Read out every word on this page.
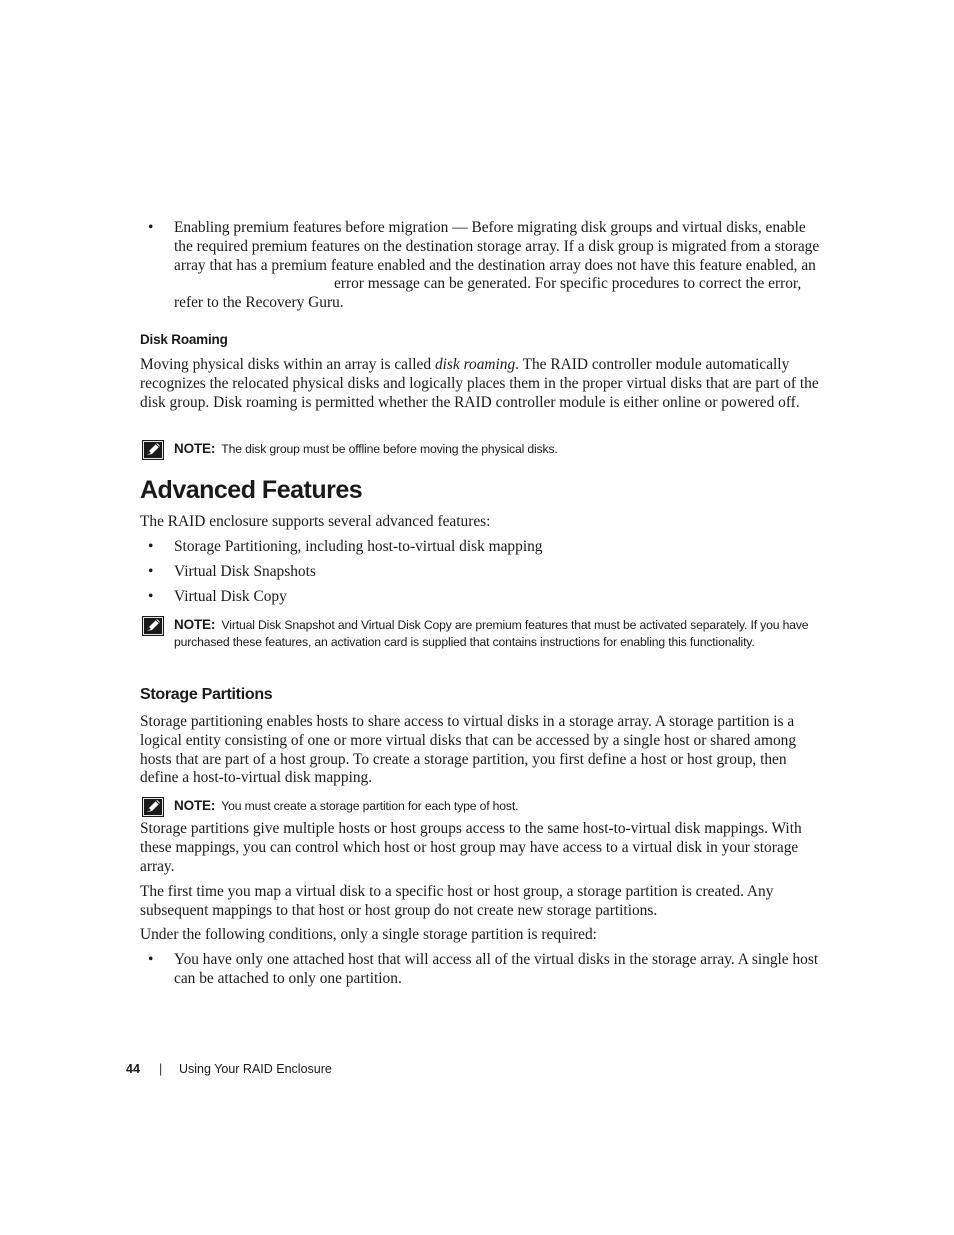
• Enabling premium features before migration — Before migrating disk groups and virtual disks, enable the required premium features on the destination storage array. If a disk group is migrated from a storage array that has a premium feature enabled and the destination array does not have this feature enabled, an error message can be generated. For specific procedures to correct the error, refer to the Recovery Guru.
Disk Roaming

Moving physical disks within an array is called disk roaming. The RAID controller module automatically recognizes the relocated physical disks and logically places them in the proper virtual disks that are part of the disk group. Disk roaming is permitted whether the RAID controller module is either online or powered off.

NOTE: The disk group must be offline before moving the physical disks.
Advanced Features

The RAID enclosure supports several advanced features:

• Storage Partitioning, including host-to-virtual disk mapping
• Virtual Disk Snapshots
• Virtual Disk Copy
NOTE: Virtual Disk Snapshot and Virtual Disk Copy are premium features that must be activated separately. If you have purchased these features, an activation card is supplied that contains instructions for enabling this functionality.
Storage Partitions

Storage partitioning enables hosts to share access to virtual disks in a storage array. A storage partition is a logical entity consisting of one or more virtual disks that can be accessed by a single host or shared among hosts that are part of a host group. To create a storage partition, you first define a host or host group, then define a host-to-virtual disk mapping.

NOTE: You must create a storage partition for each type of host.

Storage partitions give multiple hosts or host groups access to the same host-to-virtual disk mappings. With these mappings, you can control which host or host group may have access to a virtual disk in your storage array.

The first time you map a virtual disk to a specific host or host group, a storage partition is created. Any subsequent mappings to that host or host group do not create new storage partitions.

Under the following conditions, only a single storage partition is required:

• You have only one attached host that will access all of the virtual disks in the storage array. A single host can be attached to only one partition.
44 | Using Your RAID Enclosure
